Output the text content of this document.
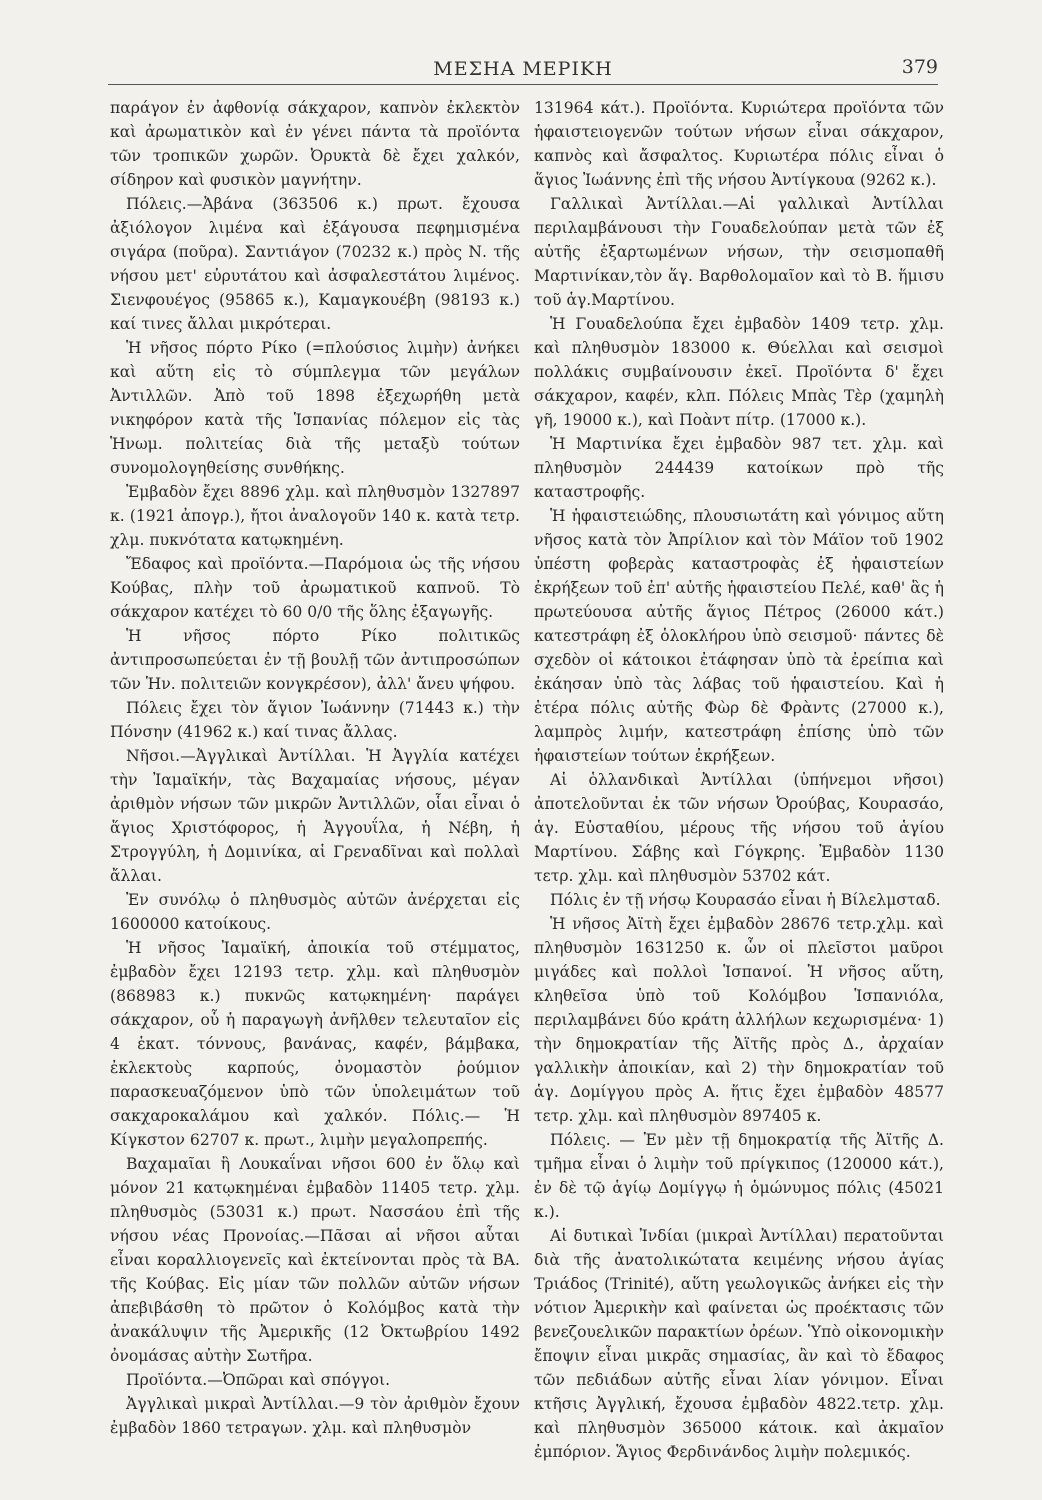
ΜΕΣΗΑ ΜΕΡΙΚΗ	379

παράγον ἐν ἀφθονίᾳ σάκχαρον, καπνὸν ἐκλεκτὸν καὶ ἀρωματικὸν καὶ ἐν γένει πάντα τὰ προϊόντα τῶν τροπικῶν χωρῶν. Ὀρυκτὰ δὲ ἔχει χαλκόν, σίδηρον καὶ φυσικὸν μαγνήτην.

Πόλεις.—Ἀβάνα (363506 κ.) πρωτ. ἔχουσα ἀξιόλογον λιμένα καὶ ἐξάγουσα πεφημισμένα σιγάρα (ποῦρα). Σαντιάγον (70232 κ.) πρὸς Ν. τῆς νήσου μετ' εὐρυτάτου καὶ ἀσφαλεστάτου λιμένος. Σιενφουέγος (95865 κ.), Καμαγκουέβη (98193 κ.) καί τινες ἄλλαι μικρότεραι.

Ἡ νῆσος πόρτο Ρίκο (=πλούσιος λιμὴν) ἀνήκει καὶ αὕτη εἰς τὸ σύμπλεγμα τῶν μεγάλων Ἀντιλλῶν. Ἀπὸ τοῦ 1898 ἐξεχωρήθη μετὰ νικηφόρον κατὰ τῆς Ἱσπανίας πόλεμον εἰς τὰς Ἡνωμ. πολιτείας διὰ τῆς μεταξὺ τούτων συνομολογηθείσης συνθήκης.

Ἐμβαδὸν ἔχει 8896 χλμ. καὶ πληθυσμὸν 1327897 κ. (1921 ἀπογρ.), ἤτοι ἀναλογοῦν 140 κ. κατὰ τετρ. χλμ. πυκνότατα κατῳκημένη.

Ἔδαφος καὶ προϊόντα.—Παρόμοια ὡς τῆς νήσου Κούβας, πλὴν τοῦ ἀρωματικοῦ καπνοῦ. Τὸ σάκχαρον κατέχει τὸ 60 0/0 τῆς ὅλης ἐξαγωγῆς.

Ἡ νῆσος πόρτο Ρίκο πολιτικῶς ἀντιπροσωπεύεται ἐν τῇ βουλῇ τῶν ἀντιπροσώπων τῶν Ἡν. πολιτειῶν κονγκρέσον), ἀλλ' ἄνευ ψήφου.

Πόλεις ἔχει τὸν ἅγιον Ἰωάννην (71443 κ.) τὴν Πόνσην (41962 κ.) καί τινας ἄλλας.

Νῆσοι.—Ἀγγλικαὶ Ἀντίλλαι. Ἡ Ἀγγλία κατέχει τὴν Ἰαμαϊκήν, τὰς Βαχαμαίας νήσους, μέγαν ἀριθμὸν νήσων τῶν μικρῶν Ἀντιλλῶν, οἷαι εἶναι ὁ ἅγιος Χριστόφορος, ἡ Ἀγγουΐλα, ἡ Νέβη, ἡ Στρογγύλη, ἡ Δομινίκα, αἱ Γρεναδῖναι καὶ πολλαὶ ἄλλαι.

Ἐν συνόλῳ ὁ πληθυσμὸς αὐτῶν ἀνέρχεται εἰς 1600000 κατοίκους.

Ἡ νῆσος Ἰαμαϊκή, ἀποικία τοῦ στέμματος, ἐμβαδὸν ἔχει 12193 τετρ. χλμ. καὶ πληθυσμὸν (868983 κ.) πυκνῶς κατῳκημένη· παράγει σάκχαρον, οὗ ἡ παραγωγὴ ἀνῆλθεν τελευταῖον εἰς 4 ἑκατ. τόννους, βανάνας, καφέν, βάμβακα, ἐκλεκτοὺς καρπούς, ὀνομαστὸν ῥούμιον παρασκευαζόμενον ὑπὸ τῶν ὑπολειμάτων τοῦ σακχαροκαλάμου καὶ χαλκόν. Πόλις.— Ἡ Κίγκστον 62707 κ. πρωτ., λιμὴν μεγαλοπρεπής.

Βαχαμαῖαι ἢ Λουκαΐναι νῆσοι 600 ἐν ὅλῳ καὶ μόνον 21 κατῳκημέναι ἐμβαδὸν 11405 τετρ. χλμ. πληθυσμὸς (53031 κ.) πρωτ. Νασσάου ἐπὶ τῆς νήσου νέας Προνοίας.—Πᾶσαι αἱ νῆσοι αὗται εἶναι κοραλλιογενεῖς καὶ ἐκτείνονται πρὸς τὰ ΒΑ. τῆς Κούβας. Εἰς μίαν τῶν πολλῶν αὐτῶν νήσων ἀπεβιβάσθη τὸ πρῶτον ὁ Κολόμβος κατὰ τὴν ἀνακάλυψιν τῆς Ἀμερικῆς (12 Ὀκτωβρίου 1492 ὀνομάσας αὐτὴν Σωτῆρα.

Προϊόντα.—Ὀπῶραι καὶ σπόγγοι.

Ἀγγλικαὶ μικραὶ Ἀντίλλαι.—9 τὸν ἀριθμὸν ἔχουν ἐμβαδὸν 1860 τετραγων. χλμ. καὶ πληθυσμὸν

131964 κάτ.). Προϊόντα. Κυριώτερα προϊόντα τῶν ἡφαιστειογενῶν τούτων νήσων εἶναι σάκχαρον, καπνὸς καὶ ἄσφαλτος. Κυριωτέρα πόλις εἶναι ὁ ἅγιος Ἰωάννης ἐπὶ τῆς νήσου Ἀντίγκουα (9262 κ.).

Γαλλικαὶ Ἀντίλλαι.—Αἱ γαλλικαὶ Ἀντίλλαι περιλαμβάνουσι τὴν Γουαδελούπαν μετὰ τῶν ἐξ αὐτῆς ἐξαρτωμένων νήσων, τὴν σεισμοπαθῆ Μαρτινίκαν,τὸν ἅγ. Βαρθολομαῖον καὶ τὸ Β. ἥμισυ τοῦ ἁγ.Μαρτίνου.

Ἡ Γουαδελούπα ἔχει ἐμβαδὸν 1409 τετρ. χλμ. καὶ πληθυσμὸν 183000 κ. Θύελλαι καὶ σεισμοὶ πολλάκις συμβαίνουσιν ἐκεῖ. Προϊόντα δ' ἔχει σάκχαρον, καφέν, κλπ. Πόλεις Μπὰς Τὲρ (χαμηλὴ γῆ, 19000 κ.), καὶ Ποὰντ πίτρ. (17000 κ.).

Ἡ Μαρτινίκα ἔχει ἐμβαδὸν 987 τετ. χλμ. καὶ πληθυσμὸν 244439 κατοίκων πρὸ τῆς καταστροφῆς.

Ἡ ἡφαιστειώδης, πλουσιωτάτη καὶ γόνιμος αὕτη νῆσος κατὰ τὸν Ἀπρίλιον καὶ τὸν Μάϊον τοῦ 1902 ὑπέστη φοβερὰς καταστροφὰς ἐξ ἡφαιστείων ἐκρήξεων τοῦ ἐπ' αὐτῆς ἡφαιστείου Πελέ, καθ' ἃς ἡ πρωτεύουσα αὐτῆς ἅγιος Πέτρος (26000 κάτ.) κατεστράφη ἐξ ὁλοκλήρου ὑπὸ σεισμοῦ· πάντες δὲ σχεδὸν οἱ κάτοικοι ἐτάφησαν ὑπὸ τὰ ἐρείπια καὶ ἐκάησαν ὑπὸ τὰς λάβας τοῦ ἡφαιστείου. Καὶ ἡ ἑτέρα πόλις αὐτῆς Φὼρ δὲ Φρὰντς (27000 κ.), λαμπρὸς λιμήν, κατεστράφη ἐπίσης ὑπὸ τῶν ἡφαιστείων τούτων ἐκρήξεων.

Αἱ ὁλλανδικαὶ Ἀντίλλαι (ὑπήνεμοι νῆσοι) ἀποτελοῦνται ἐκ τῶν νήσων Ὀρούβας, Κουρασάο, ἁγ. Εὐσταθίου, μέρους τῆς νήσου τοῦ ἁγίου Μαρτίνου. Σάβης καὶ Γόγκρης. Ἐμβαδὸν 1130 τετρ. χλμ. καὶ πληθυσμὸν 53702 κάτ.

Πόλις ἐν τῇ νήσῳ Κουρασάο εἶναι ἡ Βίλελμσταδ.

Ἡ νῆσος Ἀϊτὴ ἔχει ἐμβαδὸν 28676 τετρ.χλμ. καὶ πληθυσμὸν 1631250 κ. ὧν οἱ πλεῖστοι μαῦροι μιγάδες καὶ πολλοὶ Ἱσπανοί. Ἡ νῆσος αὕτη, κληθεῖσα ὑπὸ τοῦ Κολόμβου Ἱσπανιόλα, περιλαμβάνει δύο κράτη ἀλλήλων κεχωρισμένα· 1) τὴν δημοκρατίαν τῆς Ἀϊτῆς πρὸς Δ., ἀρχαίαν γαλλικὴν ἀποικίαν, καὶ 2) τὴν δημοκρατίαν τοῦ ἁγ. Δομίγγου πρὸς Α. ἥτις ἔχει ἐμβαδὸν 48577 τετρ. χλμ. καὶ πληθυσμὸν 897405 κ.

Πόλεις. — Ἐν μὲν τῇ δημοκρατίᾳ τῆς Ἀϊτῆς Δ. τμῆμα εἶναι ὁ λιμὴν τοῦ πρίγκιπος (120000 κάτ.), ἐν δὲ τῷ ἁγίῳ Δομίγγῳ ἡ ὁμώνυμος πόλις (45021 κ.).

Αἱ δυτικαὶ Ἰνδίαι (μικραὶ Ἀντίλλαι) περατοῦνται διὰ τῆς ἀνατολικώτατα κειμένης νήσου ἁγίας Τριάδος (Trinité), αὕτη γεωλογικῶς ἀνήκει εἰς τὴν νότιον Ἀμερικὴν καὶ φαίνεται ὡς προέκτασις τῶν βενεζουελικῶν παρακτίων ὀρέων. Ὑπὸ οἰκονομικὴν ἔποψιν εἶναι μικρᾶς σημασίας, ἂν καὶ τὸ ἔδαφος τῶν πεδιάδων αὐτῆς εἶναι λίαν γόνιμον. Εἶναι κτῆσις Ἀγγλική, ἔχουσα ἐμβαδὸν 4822.τετρ. χλμ. καὶ πληθυσμὸν 365000 κάτοικ. καὶ ἀκμαῖον ἐμπόριον. Ἅγιος Φερδινάνδος λιμὴν πολεμικός.
